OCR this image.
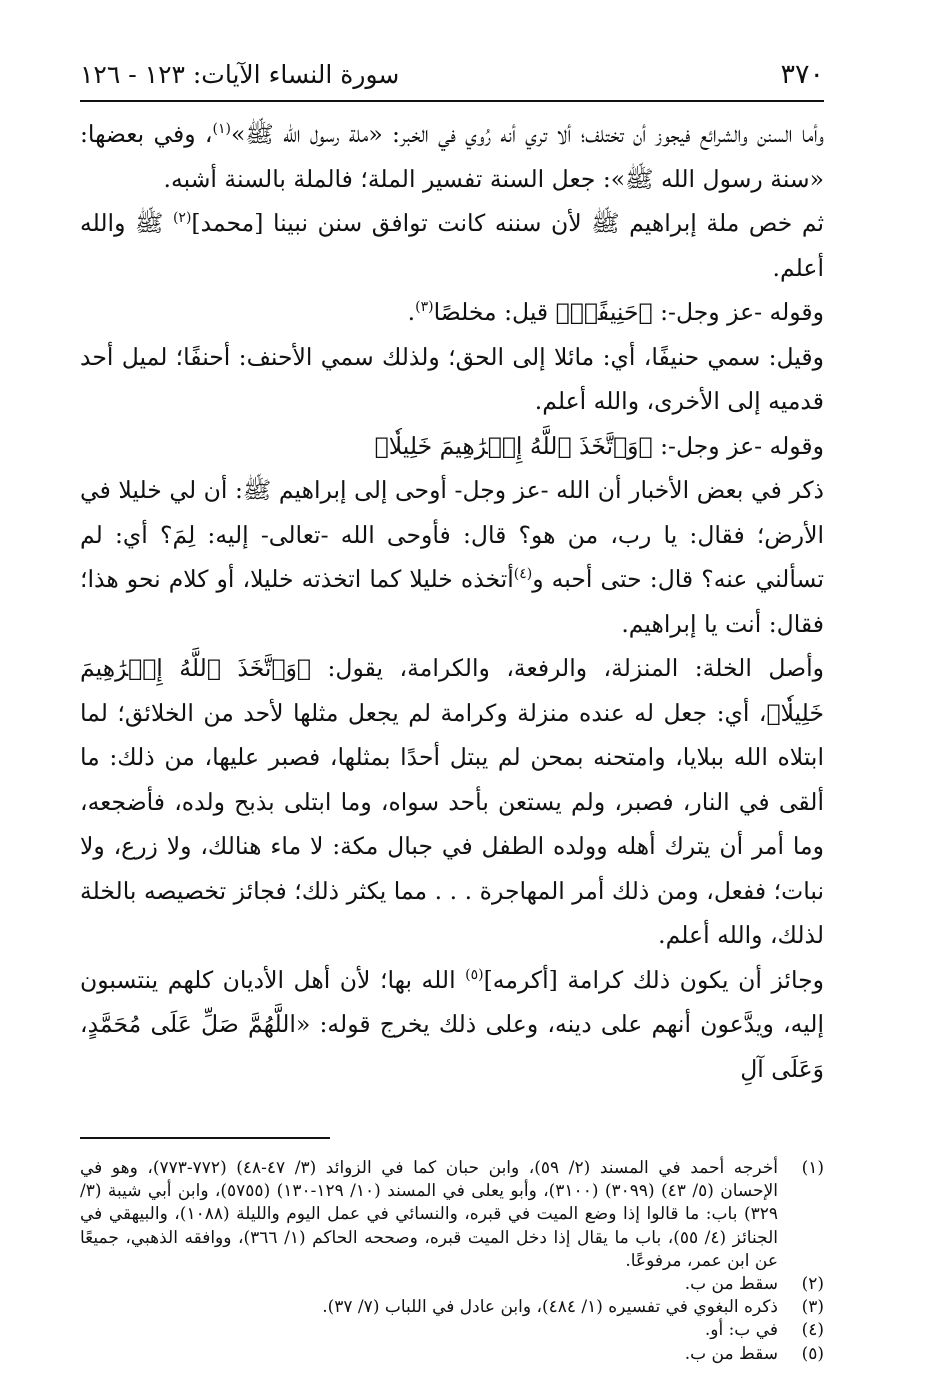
٣٧٠
سورة النساء الآيات: ١٢٣ - ١٢٦

وأما السنن والشرائع فيجوز أن تختلف؛ ألا تري أنه رُوي في الخبر: «ملة رسول الله ﷺ»$^{(١)}$، وفي بعضها: «سنة رسول الله ﷺ»: جعل السنة تفسير الملة؛ فالملة بالسنة أشبه.

ثم خص ملة إبراهيم ﷺ لأن سننه كانت توافق سنن نبينا [محمد]$^{(٢)}$ ﷺ والله أعلم.

وقوله -عز وجل-: ﴿حَنِيفًاۗ﴾ قيل: مخلصًا$^{(٣)}$.

وقيل: سمي حنيفًا، أي: مائلا إلى الحق؛ ولذلك سمي الأحنف: أحنفًا؛ لميل أحد قدميه إلى الأخرى، والله أعلم.

وقوله -عز وجل-: ﴿وَٱتَّخَذَ ٱللَّهُ إِبۡرَٰهِيمَ خَلِيلٗا﴾

ذكر في بعض الأخبار أن الله -عز وجل- أوحى إلى إبراهيم ﷺ: أن لي خليلا في الأرض؛ فقال: يا رب، من هو؟ قال: فأوحى الله -تعالى- إليه: لِمَ؟ أي: لم تسألني عنه؟ قال: حتى أحبه و$^{(٤)}$أتخذه خليلا كما اتخذته خليلا، أو كلام نحو هذا؛ فقال: أنت يا إبراهيم.

وأصل الخلة: المنزلة، والرفعة، والكرامة، يقول: ﴿وَٱتَّخَذَ ٱللَّهُ إِبۡرَٰهِيمَ خَلِيلٗا﴾، أي: جعل له عنده منزلة وكرامة لم يجعل مثلها لأحد من الخلائق؛ لما ابتلاه الله ببلايا، وامتحنه بمحن لم يبتل أحدًا بمثلها، فصبر عليها، من ذلك: ما ألقى في النار، فصبر، ولم يستعن بأحد سواه، وما ابتلى بذبح ولده، فأضجعه، وما أمر أن يترك أهله وولده الطفل في جبال مكة: لا ماء هنالك، ولا زرع، ولا نبات؛ ففعل، ومن ذلك أمر المهاجرة . . . مما يكثر ذلك؛ فجائز تخصيصه بالخلة لذلك، والله أعلم.

وجائز أن يكون ذلك كرامة [أكرمه]$^{(٥)}$ الله بها؛ لأن أهل الأديان كلهم ينتسبون إليه، ويدَّعون أنهم على دينه، وعلى ذلك يخرج قوله: «اللَّهُمَّ صَلِّ عَلَى مُحَمَّدٍ، وَعَلَى آلِ

(١)
أخرجه أحمد في المسند (٢/ ٥٩)، وابن حبان كما في الزوائد (٣/ ٤٧-٤٨) (٧٧٢-٧٧٣)، وهو في الإحسان (٥/ ٤٣) (٣٠٩٩) (٣١٠٠)، وأبو يعلى في المسند (١٠/ ١٢٩-١٣٠) (٥٧٥٥)، وابن أبي شيبة (٣/ ٣٢٩) باب: ما قالوا إذا وضع الميت في قبره، والنسائي في عمل اليوم والليلة (١٠٨٨)، والبيهقي في الجنائز (٤/ ٥٥)، باب ما يقال إذا دخل الميت قبره، وصححه الحاكم (١/ ٣٦٦)، ووافقه الذهبي، جميعًا عن ابن عمر، مرفوعًا.
(٢)
سقط من ب.
(٣)
ذكره البغوي في تفسيره (١/ ٤٨٤)، وابن عادل في اللباب (٧/ ٣٧).
(٤)
في ب: أو.
(٥)
سقط من ب.
